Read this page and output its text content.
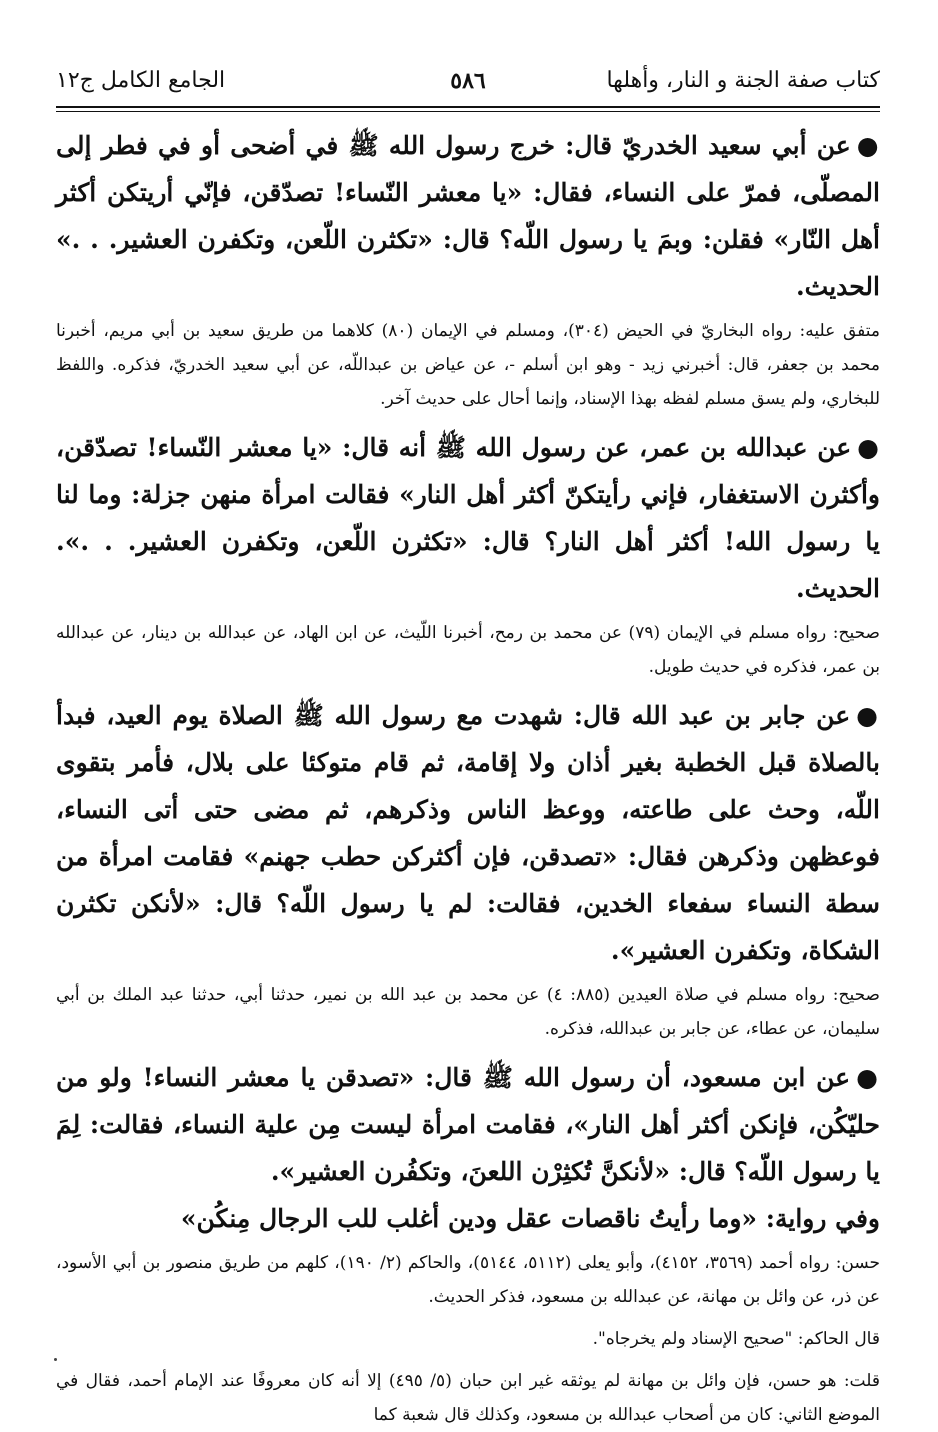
كتاب صفة الجنة و النار، وأهلها
٥٨٦
الجامع الكامل ج١٢

●عن أبي سعيد الخدريّ قال: خرج رسول الله ﷺ في أضحى أو في فطر إلى المصلّى، فمرّ على النساء، فقال: «يا معشر النّساء! تصدّقن، فإنّي أريتكن أكثر أهل النّار» فقلن: وبمَ يا رسول اللّه؟ قال: «تكثرن اللّعن، وتكفرن العشير. . .» الحديث.

متفق عليه: رواه البخاريّ في الحيض (٣٠٤)، ومسلم في الإيمان (٨٠) كلاهما من طريق سعيد بن أبي مريم، أخبرنا محمد بن جعفر، قال: أخبرني زيد - وهو ابن أسلم -، عن عياض بن عبداللّه، عن أبي سعيد الخدريّ، فذكره. واللفظ للبخاري، ولم يسق مسلم لفظه بهذا الإسناد، وإنما أحال على حديث آخر.

●عن عبدالله بن عمر، عن رسول الله ﷺ أنه قال: «يا معشر النّساء! تصدّقن، وأكثرن الاستغفار، فإني رأيتكنّ أكثر أهل النار» فقالت امرأة منهن جزلة: وما لنا يا رسول الله! أكثر أهل النار؟ قال: «تكثرن اللّعن، وتكفرن العشير. . .». الحديث.

صحيح: رواه مسلم في الإيمان (٧٩) عن محمد بن رمح، أخبرنا اللّيث، عن ابن الهاد، عن عبدالله بن دينار، عن عبدالله بن عمر، فذكره في حديث طويل.

●عن جابر بن عبد الله قال: شهدت مع رسول الله ﷺ الصلاة يوم العيد، فبدأ بالصلاة قبل الخطبة بغير أذان ولا إقامة، ثم قام متوكئا على بلال، فأمر بتقوى اللّه، وحث على طاعته، ووعظ الناس وذكرهم، ثم مضى حتى أتى النساء، فوعظهن وذكرهن فقال: «تصدقن، فإن أكثركن حطب جهنم» فقامت امرأة من سطة النساء سفعاء الخدين، فقالت: لم يا رسول اللّه؟ قال: «لأنكن تكثرن الشكاة، وتكفرن العشير».

صحيح: رواه مسلم في صلاة العيدين (٨٨٥: ٤) عن محمد بن عبد الله بن نمير، حدثنا أبي، حدثنا عبد الملك بن أبي سليمان، عن عطاء، عن جابر بن عبدالله، فذكره.

●عن ابن مسعود، أن رسول الله ﷺ قال: «تصدقن يا معشر النساء! ولو من حليّكُن، فإنكن أكثر أهل النار»، فقامت امرأة ليست مِن علية النساء، فقالت: لِمَ يا رسول اللّه؟ قال: «لأنكنَّ تُكثِرْن اللعنَ، وتكفُرن العشير».

وفي رواية: «وما رأيتُ ناقصات عقل ودين أغلب للب الرجال مِنكُن»

حسن: رواه أحمد (٣٥٦٩، ٤١٥٢)، وأبو يعلى (٥١١٢، ٥١٤٤)، والحاكم (٢/ ١٩٠)، كلهم من طريق منصور بن أبي الأسود، عن ذر، عن وائل بن مهانة، عن عبدالله بن مسعود، فذكر الحديث.

قال الحاكم: "صحيح الإسناد ولم يخرجاه".

قلت: هو حسن، فإن وائل بن مهانة لم يوثقه غير ابن حبان (٥/ ٤٩٥) إلا أنه كان معروفًا عند الإمام أحمد، فقال في الموضع الثاني: كان من أصحاب عبدالله بن مسعود، وكذلك قال شعبة كما
